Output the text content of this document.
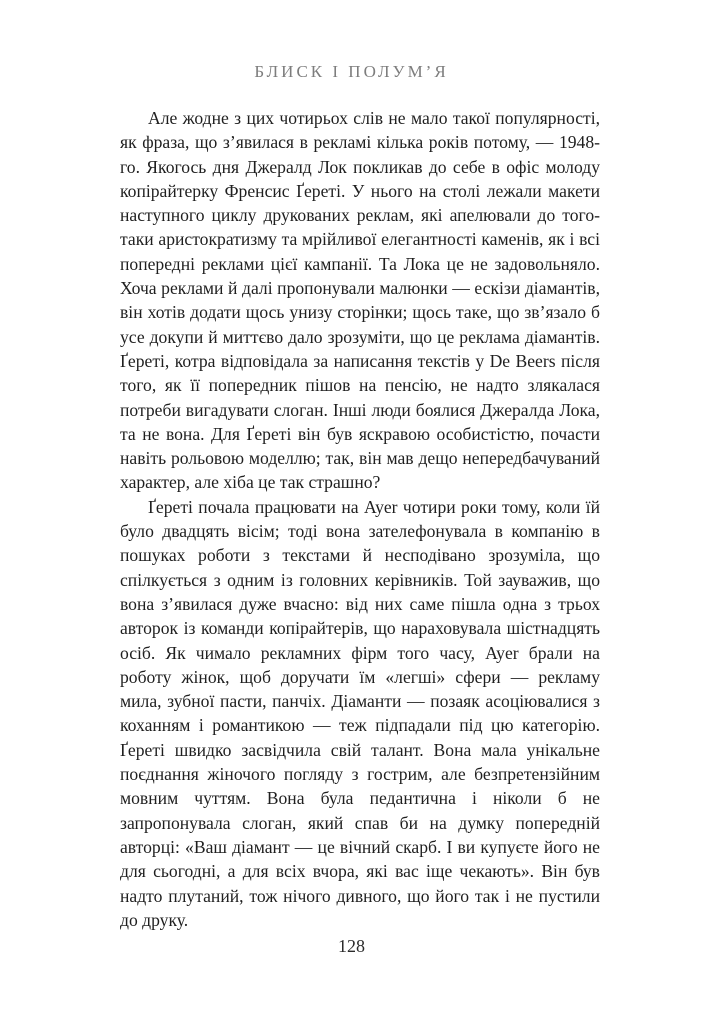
БЛИСК І ПОЛУМ’Я

Але жодне з цих чотирьох слів не мало такої популярності, як фраза, що з’явилася в рекламі кілька років потому, — 1948-го. Якогось дня Джералд Лок покликав до себе в офіс молоду копірайтерку Френсис Ґереті. У нього на столі лежали макети наступного циклу друкованих реклам, які апелювали до того-таки аристократизму та мрійливої елегантності каменів, як і всі попередні реклами цієї кампанії. Та Лока це не задовольняло. Хоча реклами й далі пропонували малюнки — ескізи діамантів, він хотів додати щось унизу сторінки; щось таке, що зв’язало б усе докупи й миттєво дало зрозуміти, що це реклама діамантів. Ґереті, котра відповідала за написання текстів у De Beers після того, як її попередник пішов на пенсію, не надто злякалася потреби вигадувати слоган. Інші люди боялися Джералда Лока, та не вона. Для Ґереті він був яскравою особистістю, почасти навіть рольовою моделлю; так, він мав дещо непередбачуваний характер, але хіба це так страшно?

Ґереті почала працювати на Ayer чотири роки тому, коли їй було двадцять вісім; тоді вона зателефонувала в компанію в пошуках роботи з текстами й несподівано зрозуміла, що спілкується з одним із головних керівників. Той зауважив, що вона з’явилася дуже вчасно: від них саме пішла одна з трьох авторок із команди копірайтерів, що нараховувала шістнадцять осіб. Як чимало рекламних фірм того часу, Ayer брали на роботу жінок, щоб доручати їм «легші» сфери — рекламу мила, зубної пасти, панчіх. Діаманти — позаяк асоціювалися з коханням і романтикою — теж підпадали під цю категорію. Ґереті швидко засвідчила свій талант. Вона мала унікальне поєднання жіночого погляду з гострим, але безпретензійним мовним чуттям. Вона була педантична і ніколи б не запропонувала слоган, який спав би на думку попередній авторці: «Ваш діамант — це вічний скарб. І ви купуєте його не для сьогодні, а для всіх вчора, які вас іще чекають». Він був надто плутаний, тож нічого дивного, що його так і не пустили до друку.

128
